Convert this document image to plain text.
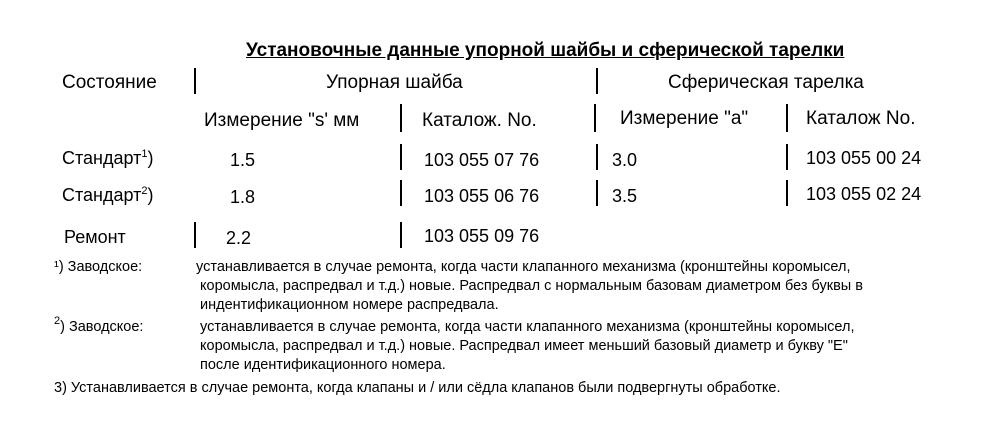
Установочные данные упорной шайбы и сферической тарелки
Состояние	Упорная шайба	Сферическая тарелка
Измерение "s' мм	Каталож. No.	Измерение "a"	Каталож No.
Стандарт$^1$)	1.5	103 055 07 76	3.0	103 055 00 24
Стандарт$^2$)	1.8	103 055 06 76	3.5	103 055 02 24
Ремонт	2.2	103 055 09 76
¹) Заводское:	устанавливается в случае ремонта, когда части клапанного механизма (кронштейны коромысел,
коромысла, распредвал и т.д.) новые. Распредвал с нормальным базовам диаметром без буквы в
индентификационном номере распредвала.
$^2$) Заводское:	устанавливается в случае ремонта, когда части клапанного механизма (кронштейны коромысел,
коромысла, распредвал и т.д.) новые. Распредвал имеет меньший базовый диаметр и букву "Е"
после идентификационного номера.
3) Устанавливается в случае ремонта, когда клапаны и / или сёдла клапанов были подвергнуты обработке.
